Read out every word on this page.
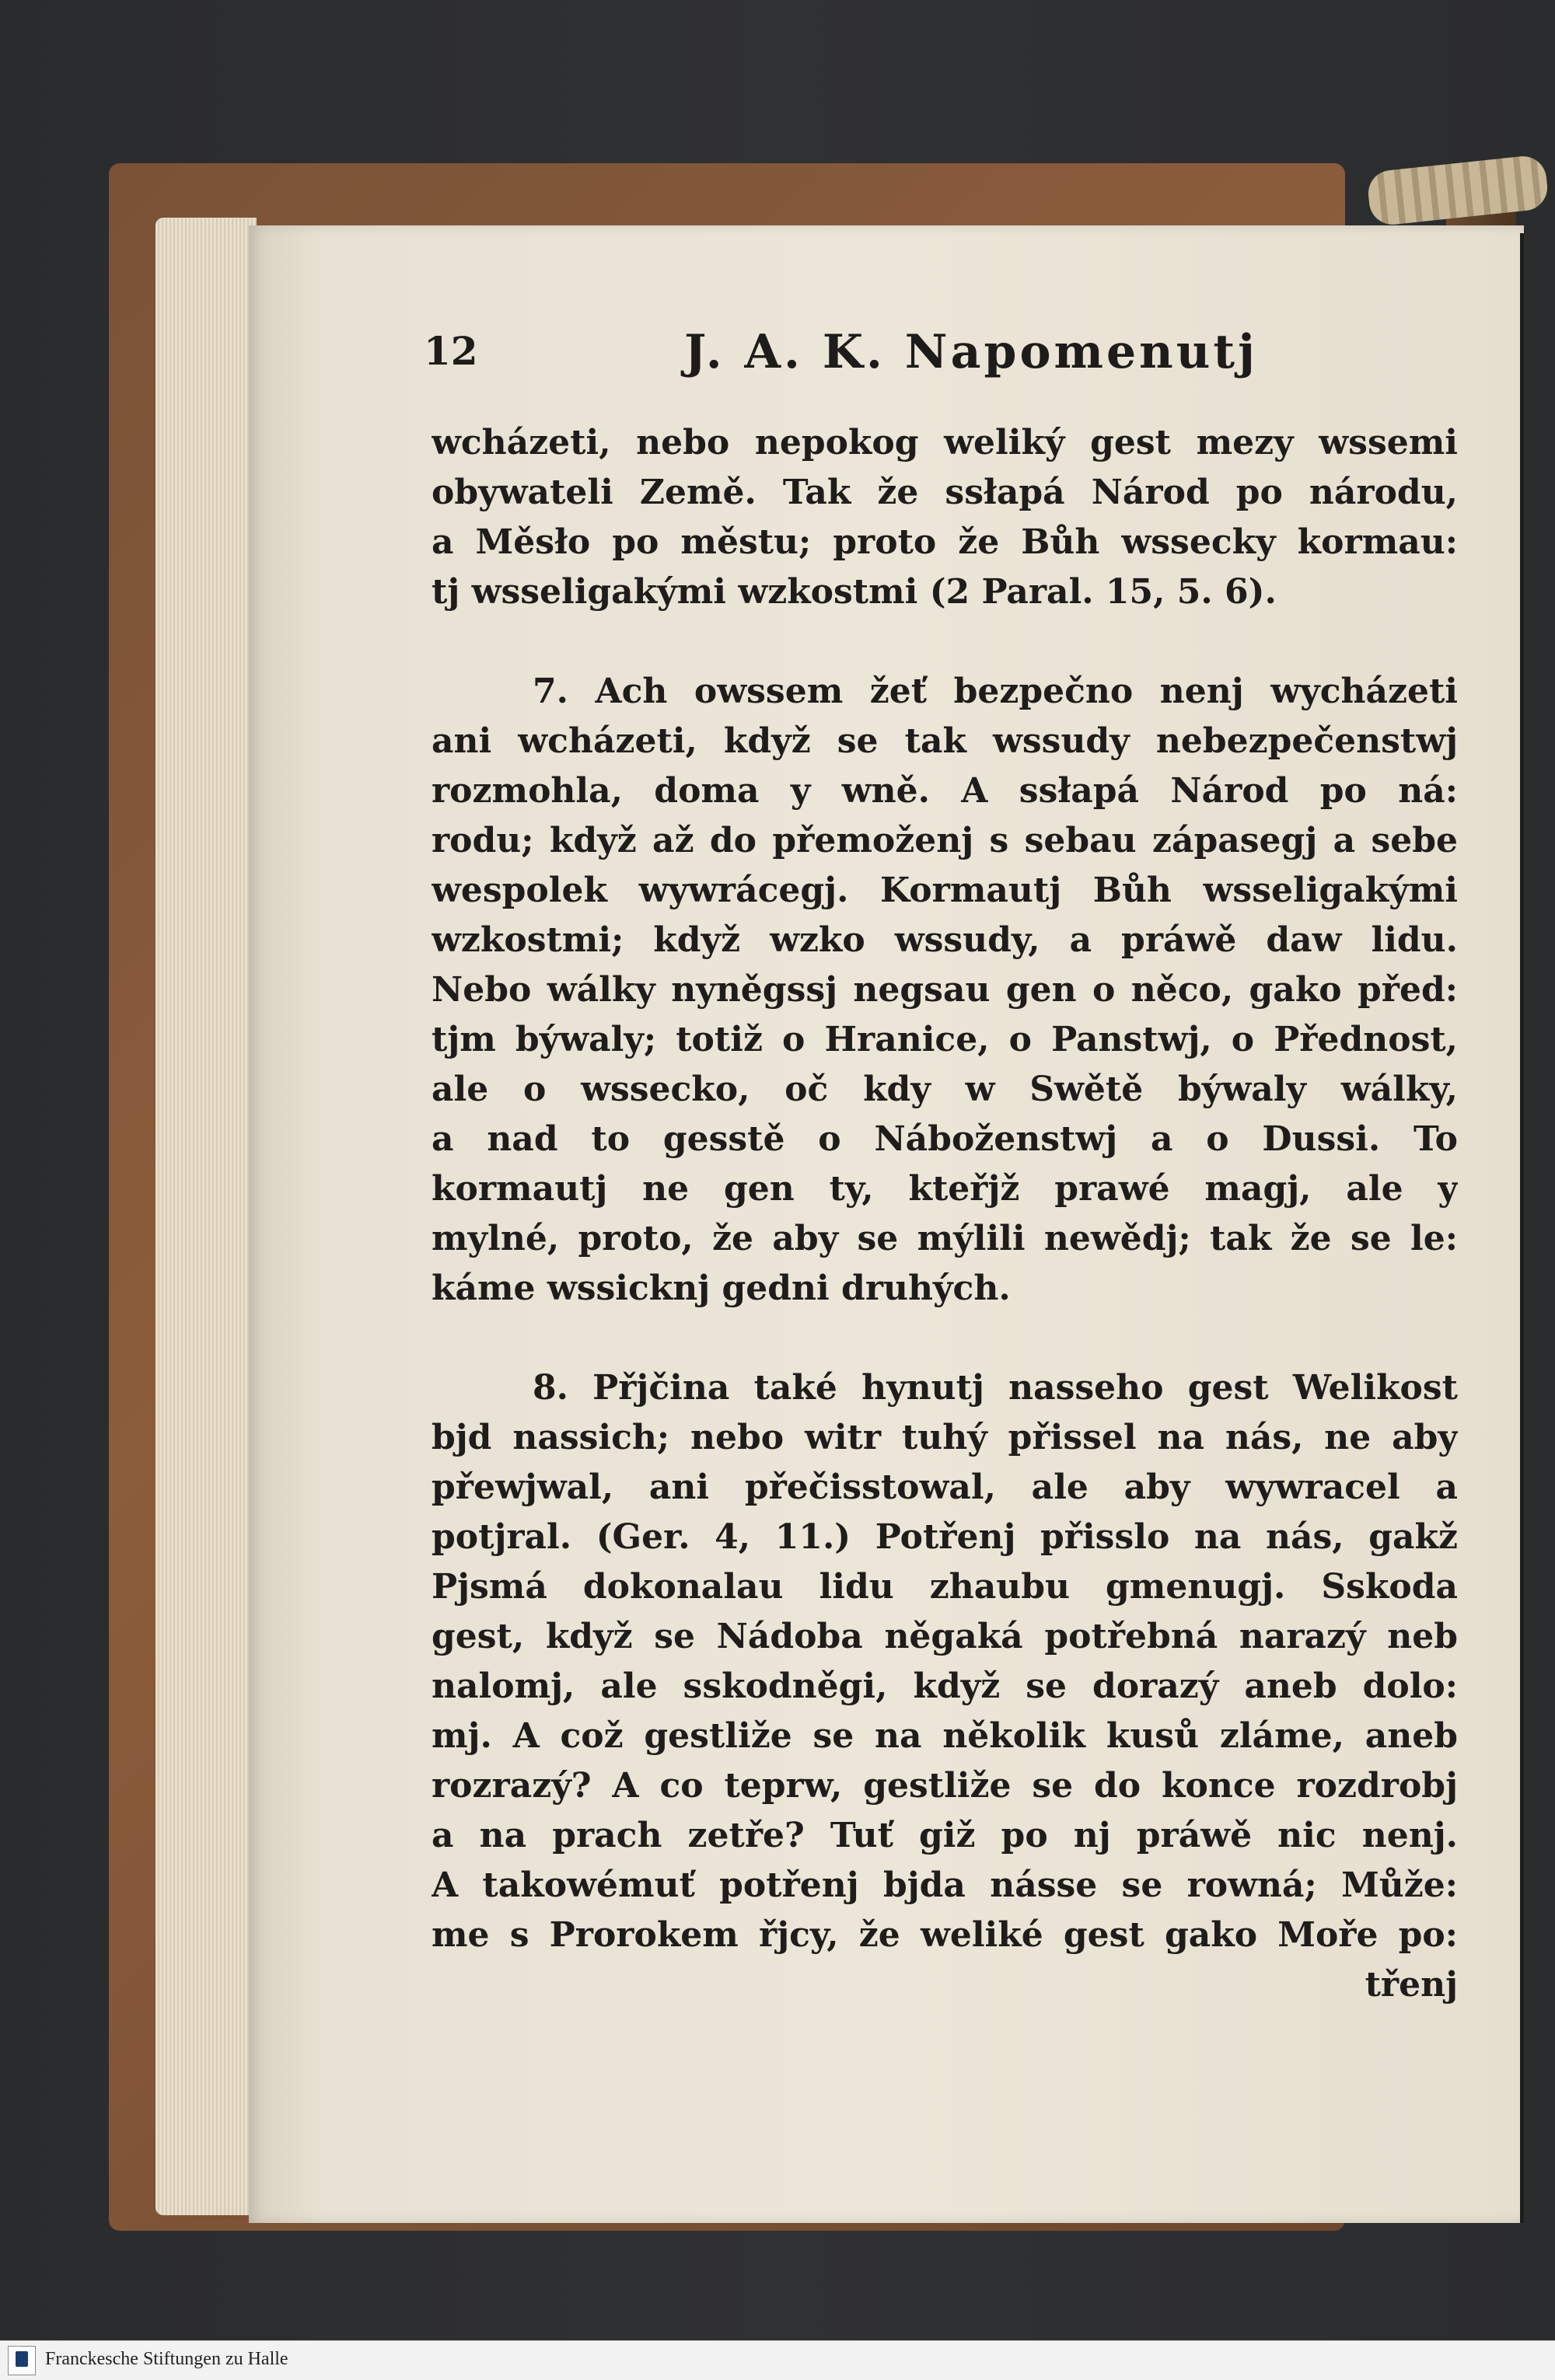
12	J. A. K. Napomenutj
wcházeti, nebo nepokog weliký gest mezy wssemi
obywateli Země. Tak že ssłapá Národ po národu,
a Měsło po městu; proto že Bůh wssecky kormau:
tj wsseligakými wzkostmi (2 Paral. 15, 5. 6).
7. Ach owssem žeť bezpečno nenj wycházeti
ani wcházeti, když se tak wssudy nebezpečenstwj
rozmohla, doma y wně. A ssłapá Národ po ná:
rodu; když až do přemoženj s sebau zápasegj a sebe
wespolek wywrácegj. Kormautj Bůh wsseligakými
wzkostmi; když wzko wssudy, a práwě daw lidu.
Nebo wálky nyněgssj negsau gen o něco, gako před:
tjm býwaly; totiž o Hranice, o Panstwj, o Přednost,
ale o wssecko, oč kdy w Swětě býwaly wálky,
a nad to gesstě o Náboženstwj a o Dussi. To
kormautj ne gen ty, kteřjž prawé magj, ale y
mylné, proto, že aby se mýlili newědj; tak že se le:
káme wssicknj gedni druhých.
8. Přjčina také hynutj nasseho gest Welikost
bjd nassich; nebo witr tuhý přissel na nás, ne aby
přewjwal, ani přečisstowal, ale aby wywracel a
potjral. (Ger. 4, 11.) Potřenj přisslo na nás, gakž
Pjsmá dokonalau lidu zhaubu gmenugj. Sskoda
gest, když se Nádoba něgaká potřebná narazý neb
nalomj, ale sskodněgi, když se dorazý aneb dolo:
mj. A což gestliže se na několik kusů zláme, aneb
rozrazý? A co teprw, gestliže se do konce rozdrobj
a na prach zetře? Tuť giž po nj práwě nic nenj.
A takowémuť potřenj bjda násse se rowná; Může:
me s Prorokem řjcy, že weliké gest gako Moře po:
třenj
Franckesche Stiftungen zu Halle
